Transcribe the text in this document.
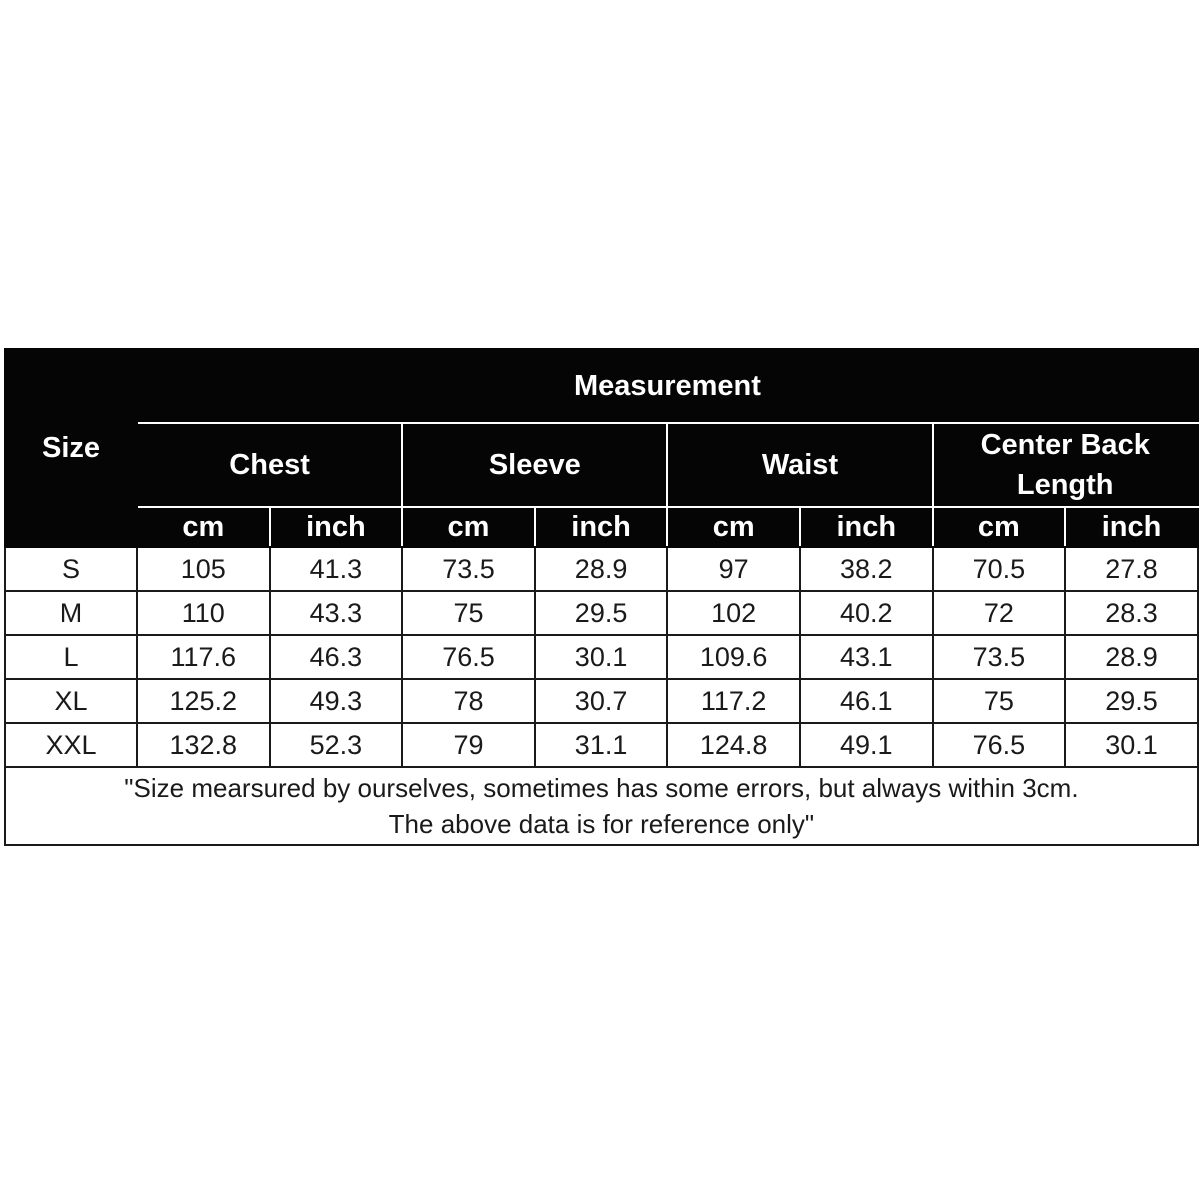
Size	Measurement							
	Chest		Sleeve		Waist		Center Back Length	
	cm	inch	cm	inch	cm	inch	cm	inch
S	105	41.3	73.5	28.9	97	38.2	70.5	27.8
M	110	43.3	75	29.5	102	40.2	72	28.3
L	117.6	46.3	76.5	30.1	109.6	43.1	73.5	28.9
XL	125.2	49.3	78	30.7	117.2	46.1	75	29.5
XXL	132.8	52.3	79	31.1	124.8	49.1	76.5	30.1

"Size mearsured by ourselves, sometimes has some errors, but always within 3cm.
The above data is for reference only"								
